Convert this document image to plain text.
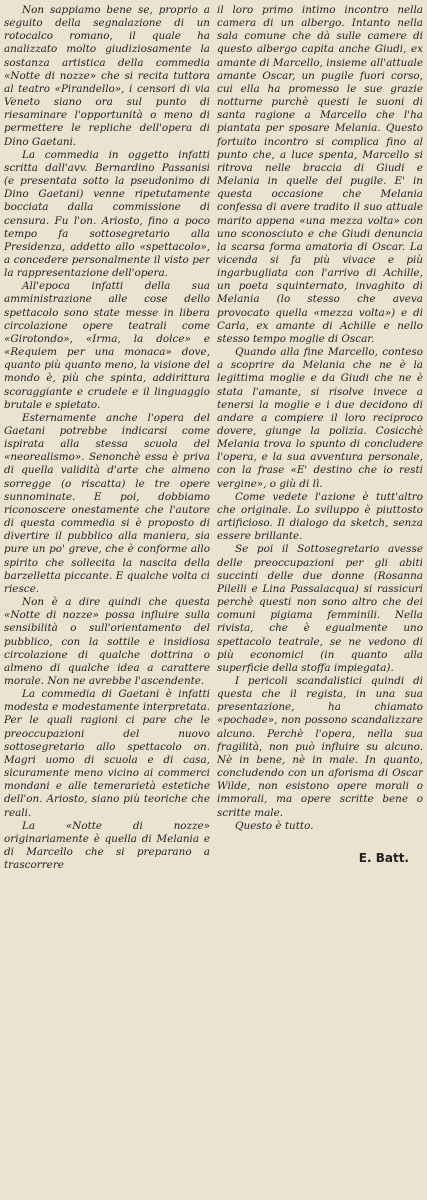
Non sappiamo bene se, proprio a seguito della segnalazione di un rotocalco romano, il quale ha analizzato molto giudiziosamente la sostanza artistica della commedia «Notte di nozze» che si recita tuttora al teatro «Pirandello», i censori di via Veneto siano ora sul punto di riesaminare l'opportunità o meno di permettere le repliche dell'opera di Dino Gaetani.

La commedia in oggetto infatti scritta dall'avv. Bernardino Passanisi (e presentata sotto la pseudonimo di Dino Gaetani) venne ripetutamente bocciata dalla commissione di censura. Fu l'on. Ariosto, fino a poco tempo fa sottosegretario alla Presidenza, addetto allo «spettacolo», a concedere personalmente il visto per la rappresentazione dell'opera.

All'epoca infatti della sua amministrazione alle cose dello spettacolo sono state messe in libera circolazione opere teatrali come «Girotondo», «Irma, la dolce» e «Requiem per una monaca» dove, quanto più quanto meno, la visione del mondo è, più che spinta, addirittura scoraggiante e crudele e il linguaggio brutale e spietato.

Esternamente anche l'opera del Gaetani potrebbe indicarsi come ispirata alla stessa scuola del «neorealismo». Senonchè essa è priva di quella validità d'arte che almeno sorregge (o riscatta) le tre opere sunnominate. E poi, dobbiamo riconoscere onestamente che l'autore di questa commedia si è proposto di divertire il pubblico alla maniera, sia pure un po' greve, che è conforme allo spirito che sollecita la nascita della barzelletta piccante. E qualche volta ci riesce.

Non è a dire quindi che questa «Notte di nozze» possa influire sulla sensibilità o sull'orientamento del pubblico, con la sottile e insidiosa circolazione di qualche dottrina o almeno di qualche idea a carattere morale. Non ne avrebbe l'ascendente.

La commedia di Gaetani è infatti modesta e modestamente interpretata. Per le quali ragioni ci pare che le preoccupazioni del nuovo sottosegretario allo spettacolo on. Magri uomo di scuola e di casa, sicuramente meno vicino ai commerci mondani e alle temerarietà estetiche dell'on. Ariosto, siano più teoriche che reali.

La «Notte di nozze» originariamente è quella di Melania e di Marcello che si preparano a trascorrere

il loro primo intimo incontro nella camera di un albergo. Intanto nella sala comune che dà sulle camere di questo albergo capita anche Giudi, ex amante di Marcello, insieme all'attuale amante Oscar, un pugile fuori corso, cui ella ha promesso le sue grazie notturne purchè questi le suoni di santa ragione a Marcello che l'ha piantata per sposare Melania. Questo fortuito incontro si complica fino al punto che, a luce spenta, Marcello si ritrova nelle braccia di Giudi e Melania in quelle del pugile. E' in questa occasione che Melania confessa di avere tradito il suo attuale marito appena «una mezza volta» con uno sconosciuto e che Giudi denuncia la scarsa forma amatoria di Oscar. La vicenda si fa più vivace e più ingarbugliata con l'arrivo di Achille, un poeta squinternato, invaghito di Melania (lo stesso che aveva provocato quella «mezza volta») e di Carla, ex amante di Achille e nello stesso tempo moglie di Oscar.

Quando alla fine Marcello, conteso a scoprire da Melania che ne è la legittima moglie e da Giudi che ne è stata l'amante, si risolve invece a tenersi la moglie e i due decidono di andare a compiere il loro reciproco dovere, giunge la polizia. Cosicchè Melania trova lo spunto di concludere l'opera, e la sua avventura personale, con la frase «E' destino che io resti vergine», o giù di lì.

Come vedete l'azione è tutt'altro che originale. Lo sviluppo è piuttosto artificioso. Il dialogo da sketch, senza essere brillante.

Se poi il Sottosegretario avesse delle preoccupazioni per gli abiti succinti delle due donne (Rosanna Pilelli e Lina Passalacqua) si rassicuri perchè questi non sono altro che dei comuni pigiama femminili. Nella rivista, che è egualmente uno spettacolo teatrale, se ne vedono di più economici (in quanto alla superficie della stoffa impiegata).

I pericoli scandalistici quindi di questa che il regista, in una sua presentazione, ha chiamato «pochade», non possono scandalizzare alcuno. Perchè l'opera, nella sua fragilità, non può influire su alcuno. Nè in bene, nè in male. In quanto, concludendo con un aforisma di Oscar Wilde, non esistono opere morali o immorali, ma opere scritte bene o scritte male.

Questo è tutto.

E. Batt.
